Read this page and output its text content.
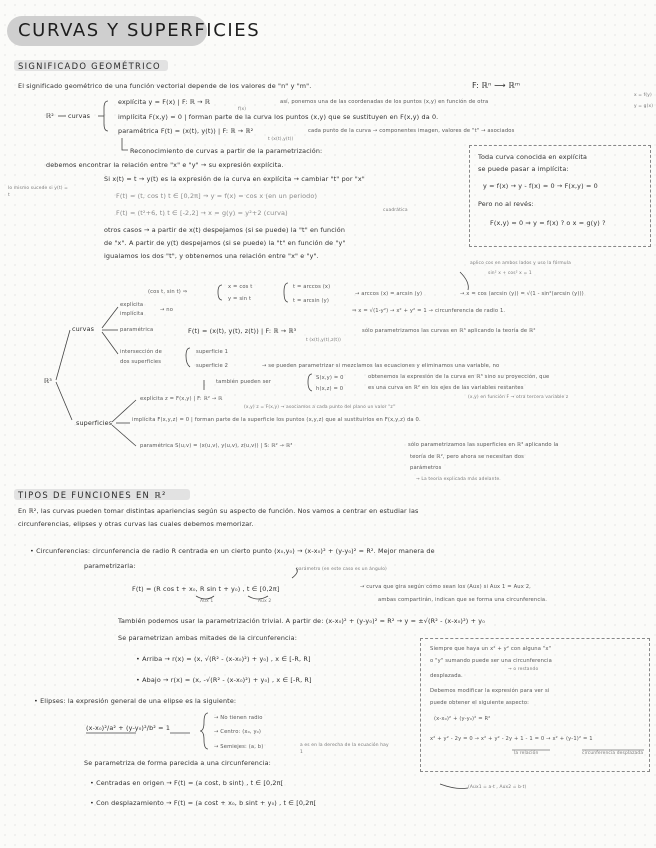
CURVAS Y SUPERFICIES
SIGNIFICADO GEOMÉTRICO
El significado geométrico de una función vectorial depende de los valores de "n" y "m".	F: ℝⁿ ⟶ ℝᵐ
x = f(y)
y = g(x)
ℝ² curvas
explícita y = F(x) | F: ℝ → ℝ	así, ponemos una de las coordenadas de los puntos (x,y) en función de otra
f(x)
implícita F(x,y) = 0 | forman parte de la curva los puntos (x,y) que se sustituyen en F(x,y) da 0.
paramétrica F(t) = (x(t), y(t)) | F: ℝ → ℝ²	cada punto de la curva → componentes imagen, valores de "t" → asociados
t (x(t),y(t))
Reconocimiento de curvas a partir de la parametrización:
debemos encontrar la relación entre "x" e "y" → su expresión explícita.
lo mismo sucede si y(t) = t
Si x(t) = t → y(t) es la expresión de la curva en explícita → cambiar "t" por "x"
F(t) = (t, cos t) t ∈ [0,2π] → y = f(x) = cos x (en un periodo)
F(t) = (t²+6, t) t ∈ [-2,2] → x = g(y) = y²+2 (curva)	cuadrática
otros casos → a partir de x(t) despejamos (si se puede) la "t" en función
de "x". A partir de y(t) despejamos (si se puede) la "t" en función de "y"
igualamos los dos "t", y obtenemos una relación entre "x" e "y".
Toda curva conocida en explícita
se puede pasar a implícita:
y = f(x) → y - f(x) = 0 → F(x,y) = 0
Pero no al revés:
F(x,y) = 0 ⇒ y = f(x) ? o x = g(y) ?
(cos t, sin t) ⇒
x = cos t
y = sin t
t = arccos (x)
t = arcsin (y)
→ arccos (x) = arcsin (y)	→ x = cos (arcsin (y)) = √(1 - sin²(arcsin (y)))
aplico cos en ambos lados y uso la fórmula
sin² x + cos² x = 1
⇒ x = √(1-y²) → x² + y² = 1 → circunferencia de radio 1.
ℝ³
curvas
superficies
explícita
implícita
→ no
paramétrica	F(t) = (x(t), y(t), z(t)) | F: ℝ → ℝ³	sólo parametrizamos las curvas en ℝ³ aplicando la teoría de ℝ²
t (x(t),y(t),z(t))
intersección de
dos superficies
superficie 1
superficie 2	→ se pueden parametrizar si mezclamos las ecuaciones y eliminamos una variable, no
obtenemos la expresión de la curva en ℝ³ sino su proyección, que
es una curva en ℝ² en los ejes de las variables restantes
también pueden ser
S(x,y) = 0
h(x,z) = 0
explícita z = F(x,y) | F: ℝ² → ℝ
(x,y) z = F(x,y) → asociamos a cada punto del plano un valor "z"
(x,y) en función F → otra tercera variable z
implícita F(x,y,z) = 0 | forman parte de la superficie los puntos (x,y,z) que al sustituirlos en F(x,y,z) da 0.
paramétrica S(u,v) = (x(u,v), y(u,v), z(u,v)) | S: ℝ² → ℝ³	sólo parametrizamos las superficies en ℝ³ aplicando la
teoría de ℝ², pero ahora se necesitan dos
parámetros
→ La teoría explicada más adelante.
TIPOS DE FUNCIONES EN ℝ²
En ℝ², las curvas pueden tomar distintas apariencias según su aspecto de función. Nos vamos a centrar en estudiar las
circunferencias, elipses y otras curvas las cuales debemos memorizar.
• Circunferencias: circunferencia de radio R centrada en un cierto punto (x₀,y₀) → (x-x₀)² + (y-y₀)² = R². Mejor manera de
parametrizarla:	parámetro (en este caso es un ángulo)
F(t) = (R cos t + x₀, R sin t + y₀) , t ∈ [0,2π]
Aux 1	Aux 2
→ curva que gira según cómo sean los (Aux) si Aux 1 = Aux 2,
ambas compartirán, indican que se forma una circunferencia.
También podemos usar la parametrización trivial. A partir de: (x-x₀)² + (y-y₀)² = R² → y = ±√(R² - (x-x₀)²) + y₀
Se parametrizan ambas mitades de la circunferencia:
• Arriba → r(x) = (x, √(R² - (x-x₀)²) + y₀) , x ∈ [-R, R]
• Abajo → r(x) = (x, -√(R² - (x-x₀)²) + y₀) , x ∈ [-R, R]
Siempre que haya un x² + y² con alguna "x"
o "y" sumando puede ser una circunferencia
→ o restando
desplazada.
Debemos modificar la expresión para ver si
puede obtener el siguiente aspecto:
(x-x₀)² + (y-y₀)² = R²
x² + y² - 2y = 0 → x² + y² - 2y + 1 - 1 = 0 → x² + (y-1)² = 1
la relación	circunferencia desplazada
• Elipses: la expresión general de una elipse es la siguiente:
(x-x₀)²/a² + (y-y₀)²/b² = 1
→ No tienen radio
→ Centro: (x₀, y₀)
→ Semiejes: (a, b)	a es en la derecha de la ecuación hay 1
Se parametriza de forma parecida a una circunferencia:
• Centradas en origen → F(t) = (a cost, b sint) , t ∈ [0,2π[
• Con desplazamiento → F(t) = (a cost + x₀, b sint + y₀) , t ∈ [0,2π[
(Aux1 = a·t , Aux2 = b·t)
